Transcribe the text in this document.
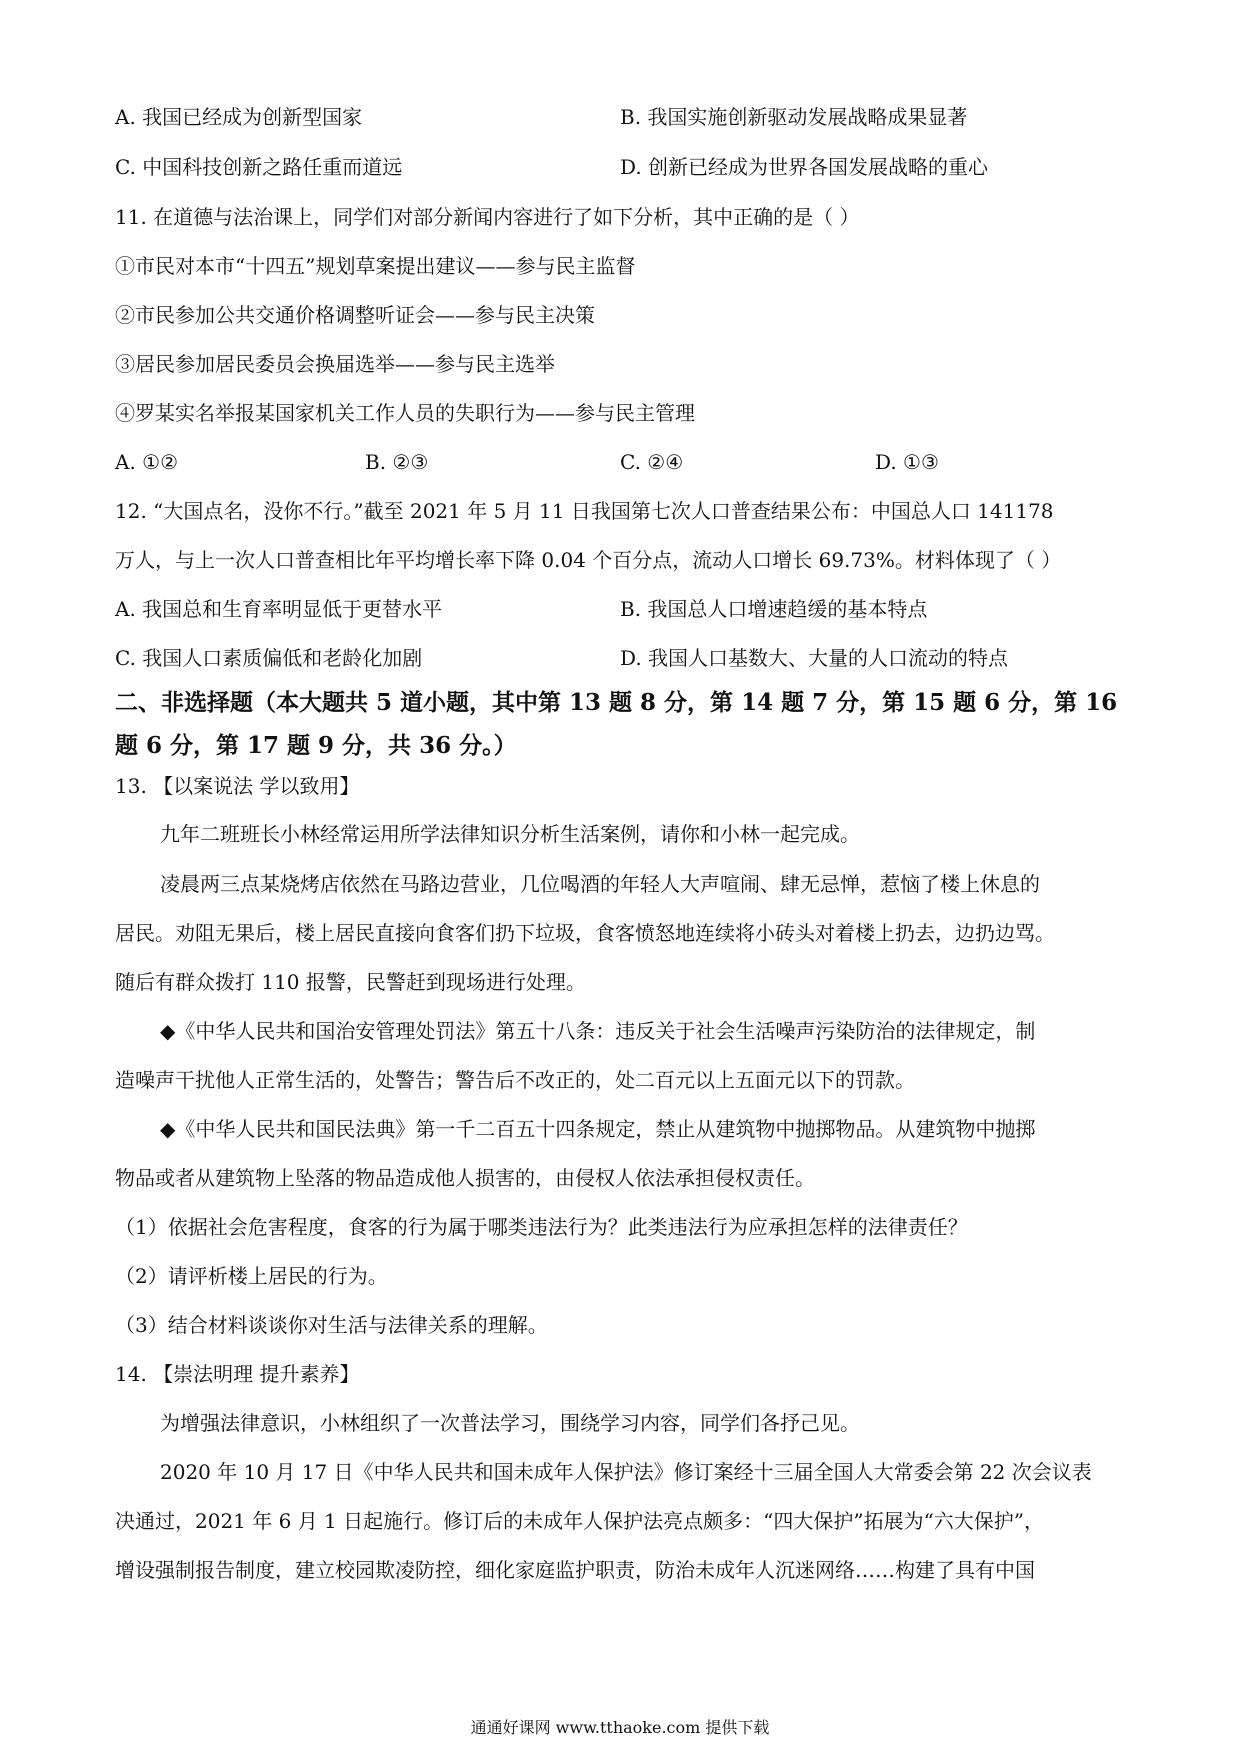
A. 我国已经成为创新型国家	B. 我国实施创新驱动发展战略成果显著
C. 中国科技创新之路任重而道远	D. 创新已经成为世界各国发展战略的重心
11. 在道德与法治课上，同学们对部分新闻内容进行了如下分析，其中正确的是（ ）
①市民对本市“十四五”规划草案提出建议——参与民主监督
②市民参加公共交通价格调整听证会——参与民主决策
③居民参加居民委员会换届选举——参与民主选举
④罗某实名举报某国家机关工作人员的失职行为——参与民主管理
A. ①②	B. ②③	C. ②④	D. ①③
12. “大国点名，没你不行。”截至 2021 年 5 月 11 日我国第七次人口普查结果公布：中国总人口 141178
万人，与上一次人口普查相比年平均增长率下降 0.04 个百分点，流动人口增长 69.73%。材料体现了（ ）
A. 我国总和生育率明显低于更替水平	B. 我国总人口增速趋缓的基本特点
C. 我国人口素质偏低和老龄化加剧	D. 我国人口基数大、大量的人口流动的特点
二、非选择题（本大题共 5 道小题，其中第 13 题 8 分，第 14 题 7 分，第 15 题 6 分，第 16
题 6 分，第 17 题 9 分，共 36 分。）
13. 【以案说法 学以致用】
九年二班班长小林经常运用所学法律知识分析生活案例，请你和小林一起完成。
凌晨两三点某烧烤店依然在马路边营业，几位喝酒的年轻人大声喧闹、肆无忌惮，惹恼了楼上休息的
居民。劝阻无果后，楼上居民直接向食客们扔下垃圾，食客愤怒地连续将小砖头对着楼上扔去，边扔边骂。
随后有群众拨打 110 报警，民警赶到现场进行处理。
◆《中华人民共和国治安管理处罚法》第五十八条：违反关于社会生活噪声污染防治的法律规定，制
造噪声干扰他人正常生活的，处警告；警告后不改正的，处二百元以上五面元以下的罚款。
◆《中华人民共和国民法典》第一千二百五十四条规定，禁止从建筑物中抛掷物品。从建筑物中抛掷
物品或者从建筑物上坠落的物品造成他人损害的，由侵权人依法承担侵权责任。
（1）依据社会危害程度，食客的行为属于哪类违法行为？此类违法行为应承担怎样的法律责任？
（2）请评析楼上居民的行为。
（3）结合材料谈谈你对生活与法律关系的理解。
14. 【崇法明理 提升素养】
为增强法律意识，小林组织了一次普法学习，围绕学习内容，同学们各抒己见。
2020 年 10 月 17 日《中华人民共和国未成年人保护法》修订案经十三届全国人大常委会第 22 次会议表
决通过，2021 年 6 月 1 日起施行。修订后的未成年人保护法亮点颇多：“四大保护”拓展为“六大保护”，
增设强制报告制度，建立校园欺凌防控，细化家庭监护职责，防治未成年人沉迷网络……构建了具有中国
通通好课网 www.tthaoke.com 提供下载
